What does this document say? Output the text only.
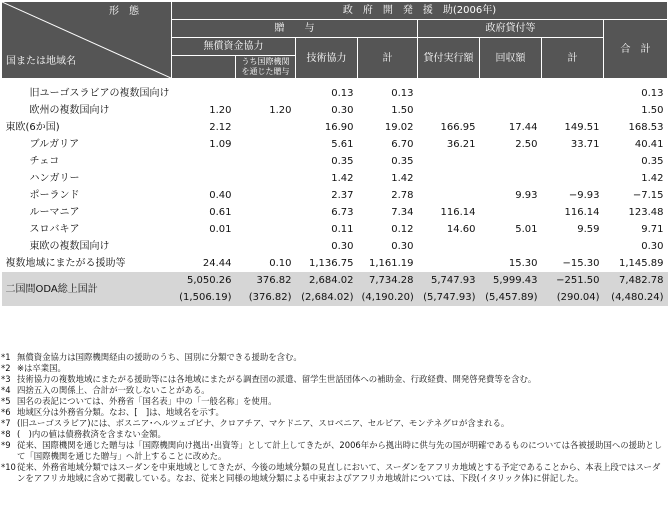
形態
国または地域名	政　府　開　発　援　助(2006年)							
	贈　　与				政府貸付等			合　計
	無償資金協力		技術協力	計	貸付実行額	回収額	計	
		うち国際機関を通じた贈与						

旧ユーゴスラビアの複数国向け			0.13	0.13				0.13
欧州の複数国向け	1.20	1.20	0.30	1.50				1.50
東欧(6か国)	2.12		16.90	19.02	166.95	17.44	149.51	168.53
ブルガリア	1.09		5.61	6.70	36.21	2.50	33.71	40.41
チェコ			0.35	0.35				0.35
ハンガリー			1.42	1.42				1.42
ポーランド	0.40		2.37	2.78		9.93	−9.93	−7.15
ルーマニア	0.61		6.73	7.34	116.14		116.14	123.48
スロバキア	0.01		0.11	0.12	14.60	5.01	9.59	9.71
東欧の複数国向け			0.30	0.30				0.30
複数地域にまたがる援助等	24.44	0.10	1,136.75	1,161.19		15.30	−15.30	1,145.89
二国間ODA総上国計	5,050.26	376.82	2,684.02	7,734.28	5,747.93	5,999.43	−251.50	7,482.78
	(1,506.19)	(376.82)	(2,684.02)	(4,190.20)	(5,747.93)	(5,457.89)	(290.04)	(4,480.24)
*1 無償資金協力は国際機関経由の援助のうち、国別に分類できる援助を含む。
*2 ※は卒業国。
*3 技術協力の複数地域にまたがる援助等には各地域にまたがる調査団の派遣、留学生世話団体への補助金、行政経費、開発啓発費等を含む。
*4 四捨五入の関係上、合計が一致しないことがある。
*5 国名の表記については、外務省「国名表」中の「一般名称」を使用。
*6 地域区分は外務省分類。なお、[　]は、地域名を示す。
*7 (旧ユーゴスラビア)には、ボスニア･ヘルツェゴビナ、クロアチア、マケドニア、スロベニア、セルビア、モンテネグロが含まれる。
*8 (　)内の値は債務救済を含まない金額。
*9 従来、国際機関を通じた贈与は「国際機関向け拠出･出資等」として計上してきたが、2006年から拠出時に供与先の国が明確であるものについては各被援助国への援助として「国際機関を通じた贈与」へ計上することに改めた。
*10 従来、外務省地域分類ではスーダンを中東地域としてきたが、今後の地域分類の見直しにおいて、スーダンをアフリカ地域とする予定であることから、本表上段ではスーダンをアフリカ地域に含めて掲載している。なお、従来と同様の地域分類による中東およびアフリカ地域計については、下段(イタリック体)に併記した。
